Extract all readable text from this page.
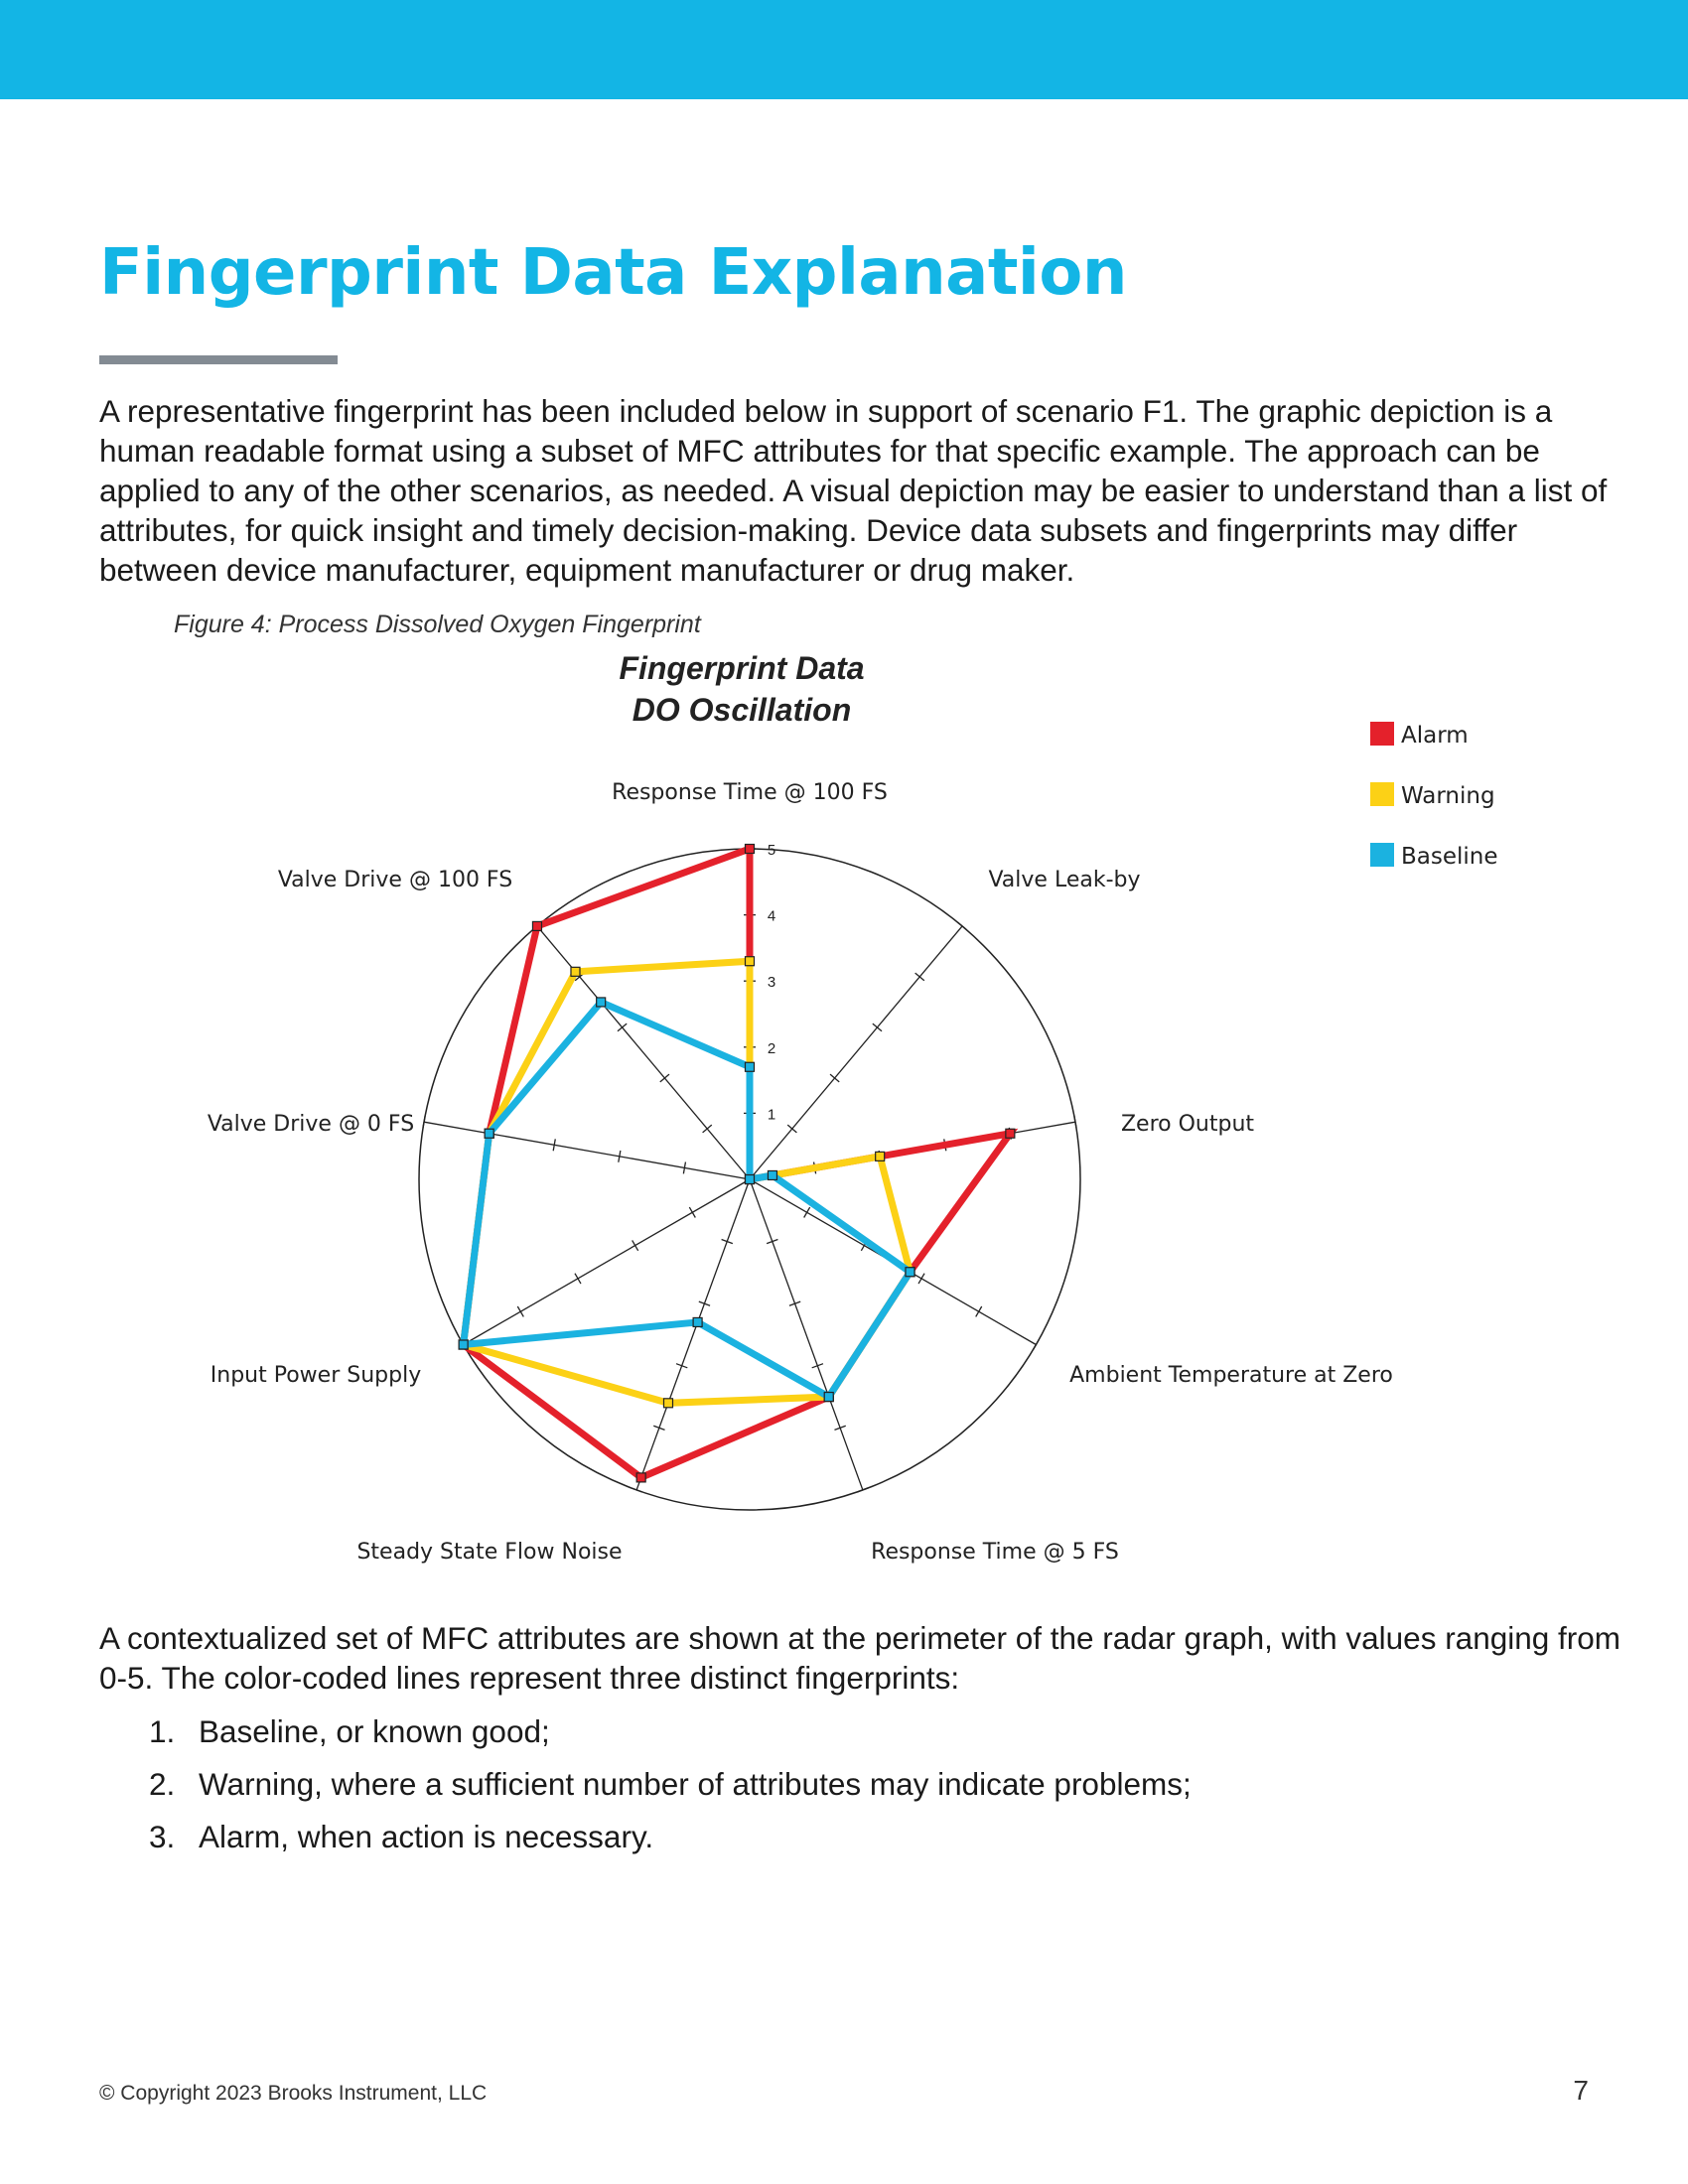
Fingerprint Data Explanation

A representative fingerprint has been included below in support of scenario F1. The graphic depiction is a human readable format using a subset of MFC attributes for that specific example. The approach can be applied to any of the other scenarios, as needed. A visual depiction may be easier to understand than a list of attributes, for quick insight and timely decision-making. Device data subsets and fingerprints may differ between device manufacturer, equipment manufacturer or drug maker.

Figure 4: Process Dissolved Oxygen Fingerprint

Fingerprint Data
DO Oscillation
1
2
3
4
5
Response Time @ 100 FS
Valve Leak-by
Zero Output
Ambient Temperature at Zero
Response Time @ 5 FS
Steady State Flow Noise
Input Power Supply
Valve Drive @ 0 FS
Valve Drive @ 100 FS
Alarm
Warning
Baseline

A contextualized set of MFC attributes are shown at the perimeter of the radar graph, with values ranging from 0-5. The color-coded lines represent three distinct fingerprints:

1. Baseline, or known good;
2. Warning, where a sufficient number of attributes may indicate problems;
3. Alarm, when action is necessary.

© Copyright 2023 Brooks Instrument, LLC	7
